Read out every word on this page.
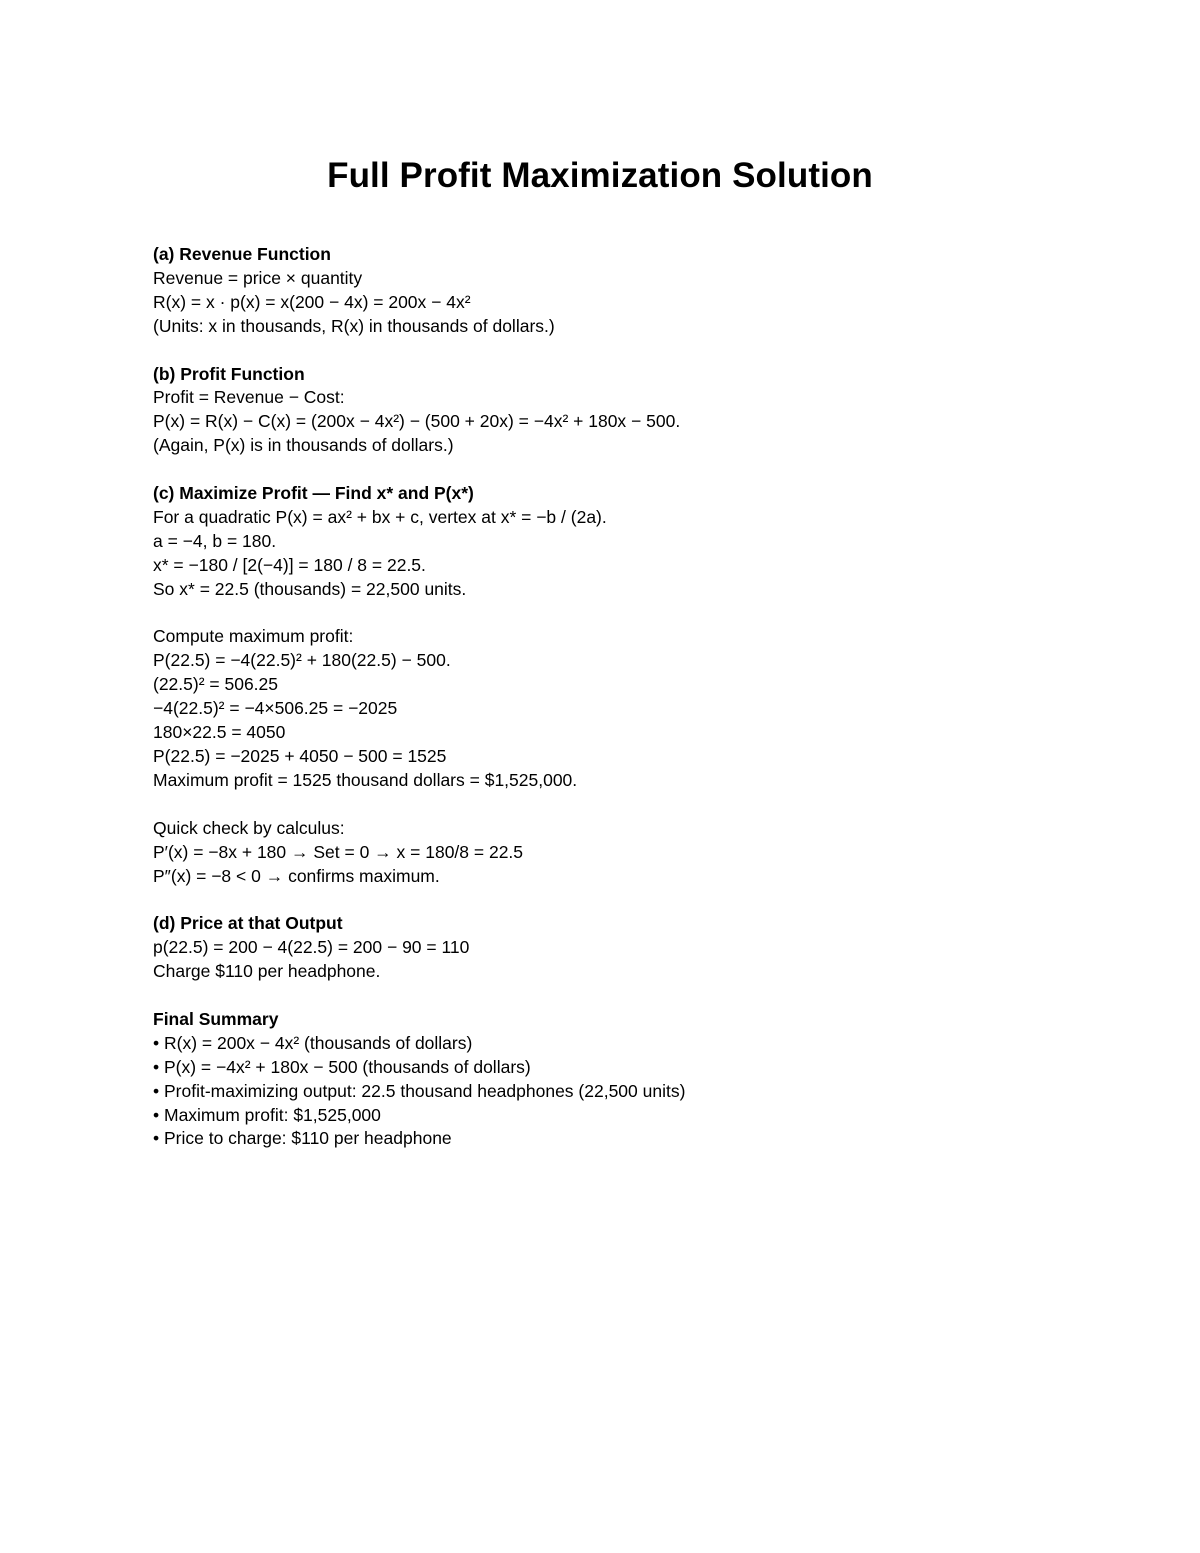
Full Profit Maximization Solution

(a) Revenue Function

Revenue = price × quantity

R(x) = x · p(x) = x(200 − 4x) = 200x − 4x²

(Units: x in thousands, R(x) in thousands of dollars.)

(b) Profit Function

Profit = Revenue − Cost:

P(x) = R(x) − C(x) = (200x − 4x²) − (500 + 20x) = −4x² + 180x − 500.

(Again, P(x) is in thousands of dollars.)

(c) Maximize Profit — Find x* and P(x*)

For a quadratic P(x) = ax² + bx + c, vertex at x* = −b / (2a).

a = −4, b = 180.

x* = −180 / [2(−4)] = 180 / 8 = 22.5.

So x* = 22.5 (thousands) = 22,500 units.

Compute maximum profit:

P(22.5) = −4(22.5)² + 180(22.5) − 500.

(22.5)² = 506.25

−4(22.5)² = −4×506.25 = −2025

180×22.5 = 4050

P(22.5) = −2025 + 4050 − 500 = 1525

Maximum profit = 1525 thousand dollars = $1,525,000.

Quick check by calculus:

P′(x) = −8x + 180 → Set = 0 → x = 180/8 = 22.5

P″(x) = −8 < 0 → confirms maximum.

(d) Price at that Output

p(22.5) = 200 − 4(22.5) = 200 − 90 = 110

Charge $110 per headphone.

Final Summary

• R(x) = 200x − 4x² (thousands of dollars)
• P(x) = −4x² + 180x − 500 (thousands of dollars)
• Profit-maximizing output: 22.5 thousand headphones (22,500 units)
• Maximum profit: $1,525,000
• Price to charge: $110 per headphone
